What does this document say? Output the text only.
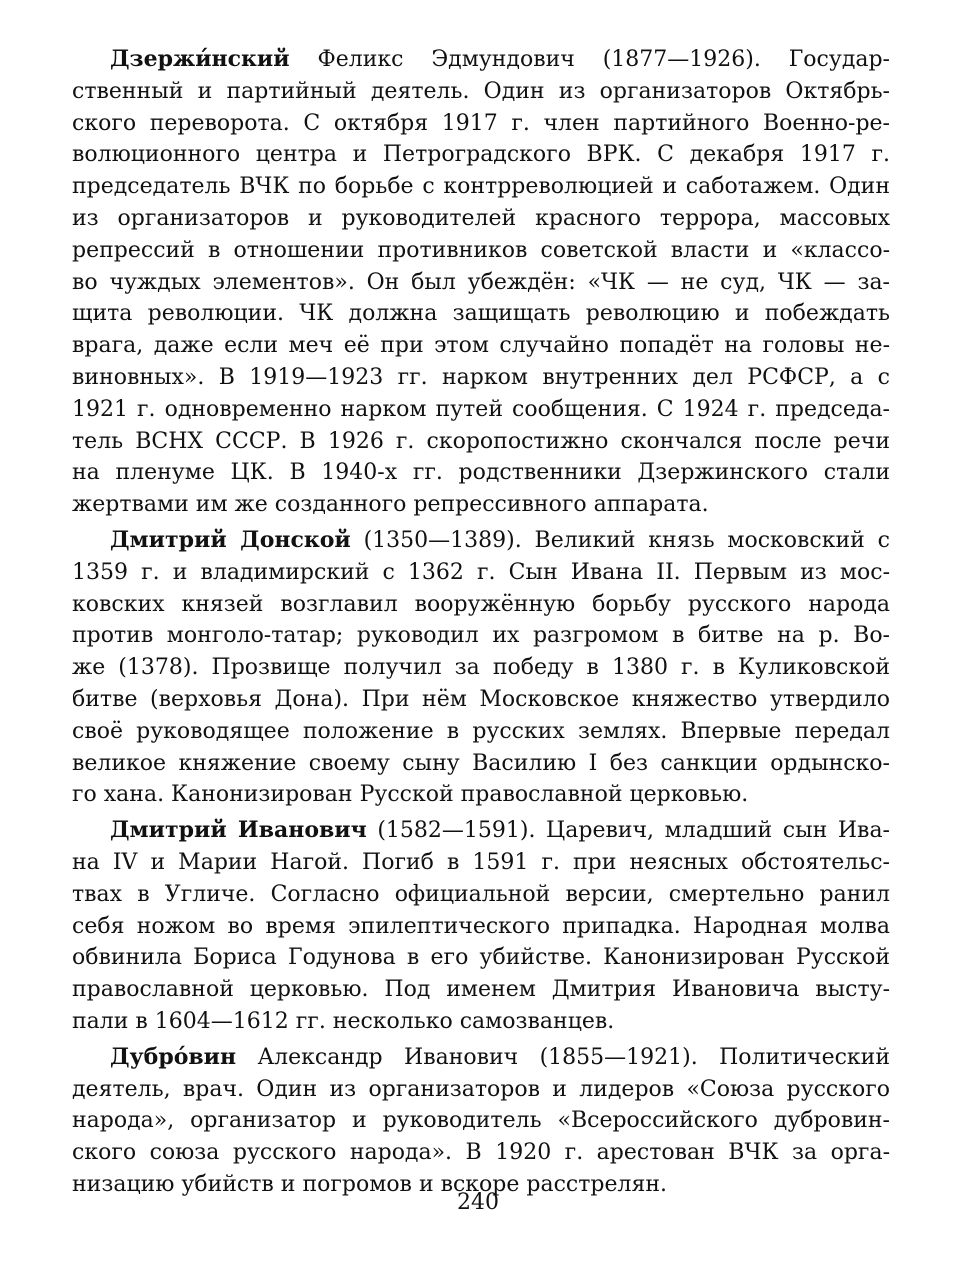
Дзержи́нский Феликс Эдмундович (1877—1926). Государ-
ственный и партийный деятель. Один из организаторов Октябрь-
ского переворота. С октября 1917 г. член партийного Военно-ре-
волюционного центра и Петроградского ВРК. С декабря 1917 г.
председатель ВЧК по борьбе с контрреволюцией и саботажем. Один
из организаторов и руководителей красного террора, массовых
репрессий в отношении противников советской власти и «классо-
во чуждых элементов». Он был убеждён: «ЧК — не суд, ЧК — за-
щита революции. ЧК должна защищать революцию и побеждать
врага, даже если меч её при этом случайно попадёт на головы не-
виновных». В 1919—1923 гг. нарком внутренних дел РСФСР, а с
1921 г. одновременно нарком путей сообщения. С 1924 г. председа-
тель ВСНХ СССР. В 1926 г. скоропостижно скончался после речи
на пленуме ЦК. В 1940-х гг. родственники Дзержинского стали
жертвами им же созданного репрессивного аппарата.
Дмитрий Донской (1350—1389). Великий князь московский с
1359 г. и владимирский с 1362 г. Сын Ивана II. Первым из мос-
ковских князей возглавил вооружённую борьбу русского народа
против монголо-татар; руководил их разгромом в битве на р. Во-
же (1378). Прозвище получил за победу в 1380 г. в Куликовской
битве (верховья Дона). При нём Московское княжество утвердило
своё руководящее положение в русских землях. Впервые передал
великое княжение своему сыну Василию I без санкции ордынско-
го хана. Канонизирован Русской православной церковью.
Дмитрий Иванович (1582—1591). Царевич, младший сын Ива-
на IV и Марии Нагой. Погиб в 1591 г. при неясных обстоятельс-
твах в Угличе. Согласно официальной версии, смертельно ранил
себя ножом во время эпилептического припадка. Народная молва
обвинила Бориса Годунова в его убийстве. Канонизирован Русской
православной церковью. Под именем Дмитрия Ивановича высту-
пали в 1604—1612 гг. несколько самозванцев.
Дубро́вин Александр Иванович (1855—1921). Политический
деятель, врач. Один из организаторов и лидеров «Союза русского
народа», организатор и руководитель «Всероссийского дубровин-
ского союза русского народа». В 1920 г. арестован ВЧК за орга-
низацию убийств и погромов и вскоре расстрелян.
240
